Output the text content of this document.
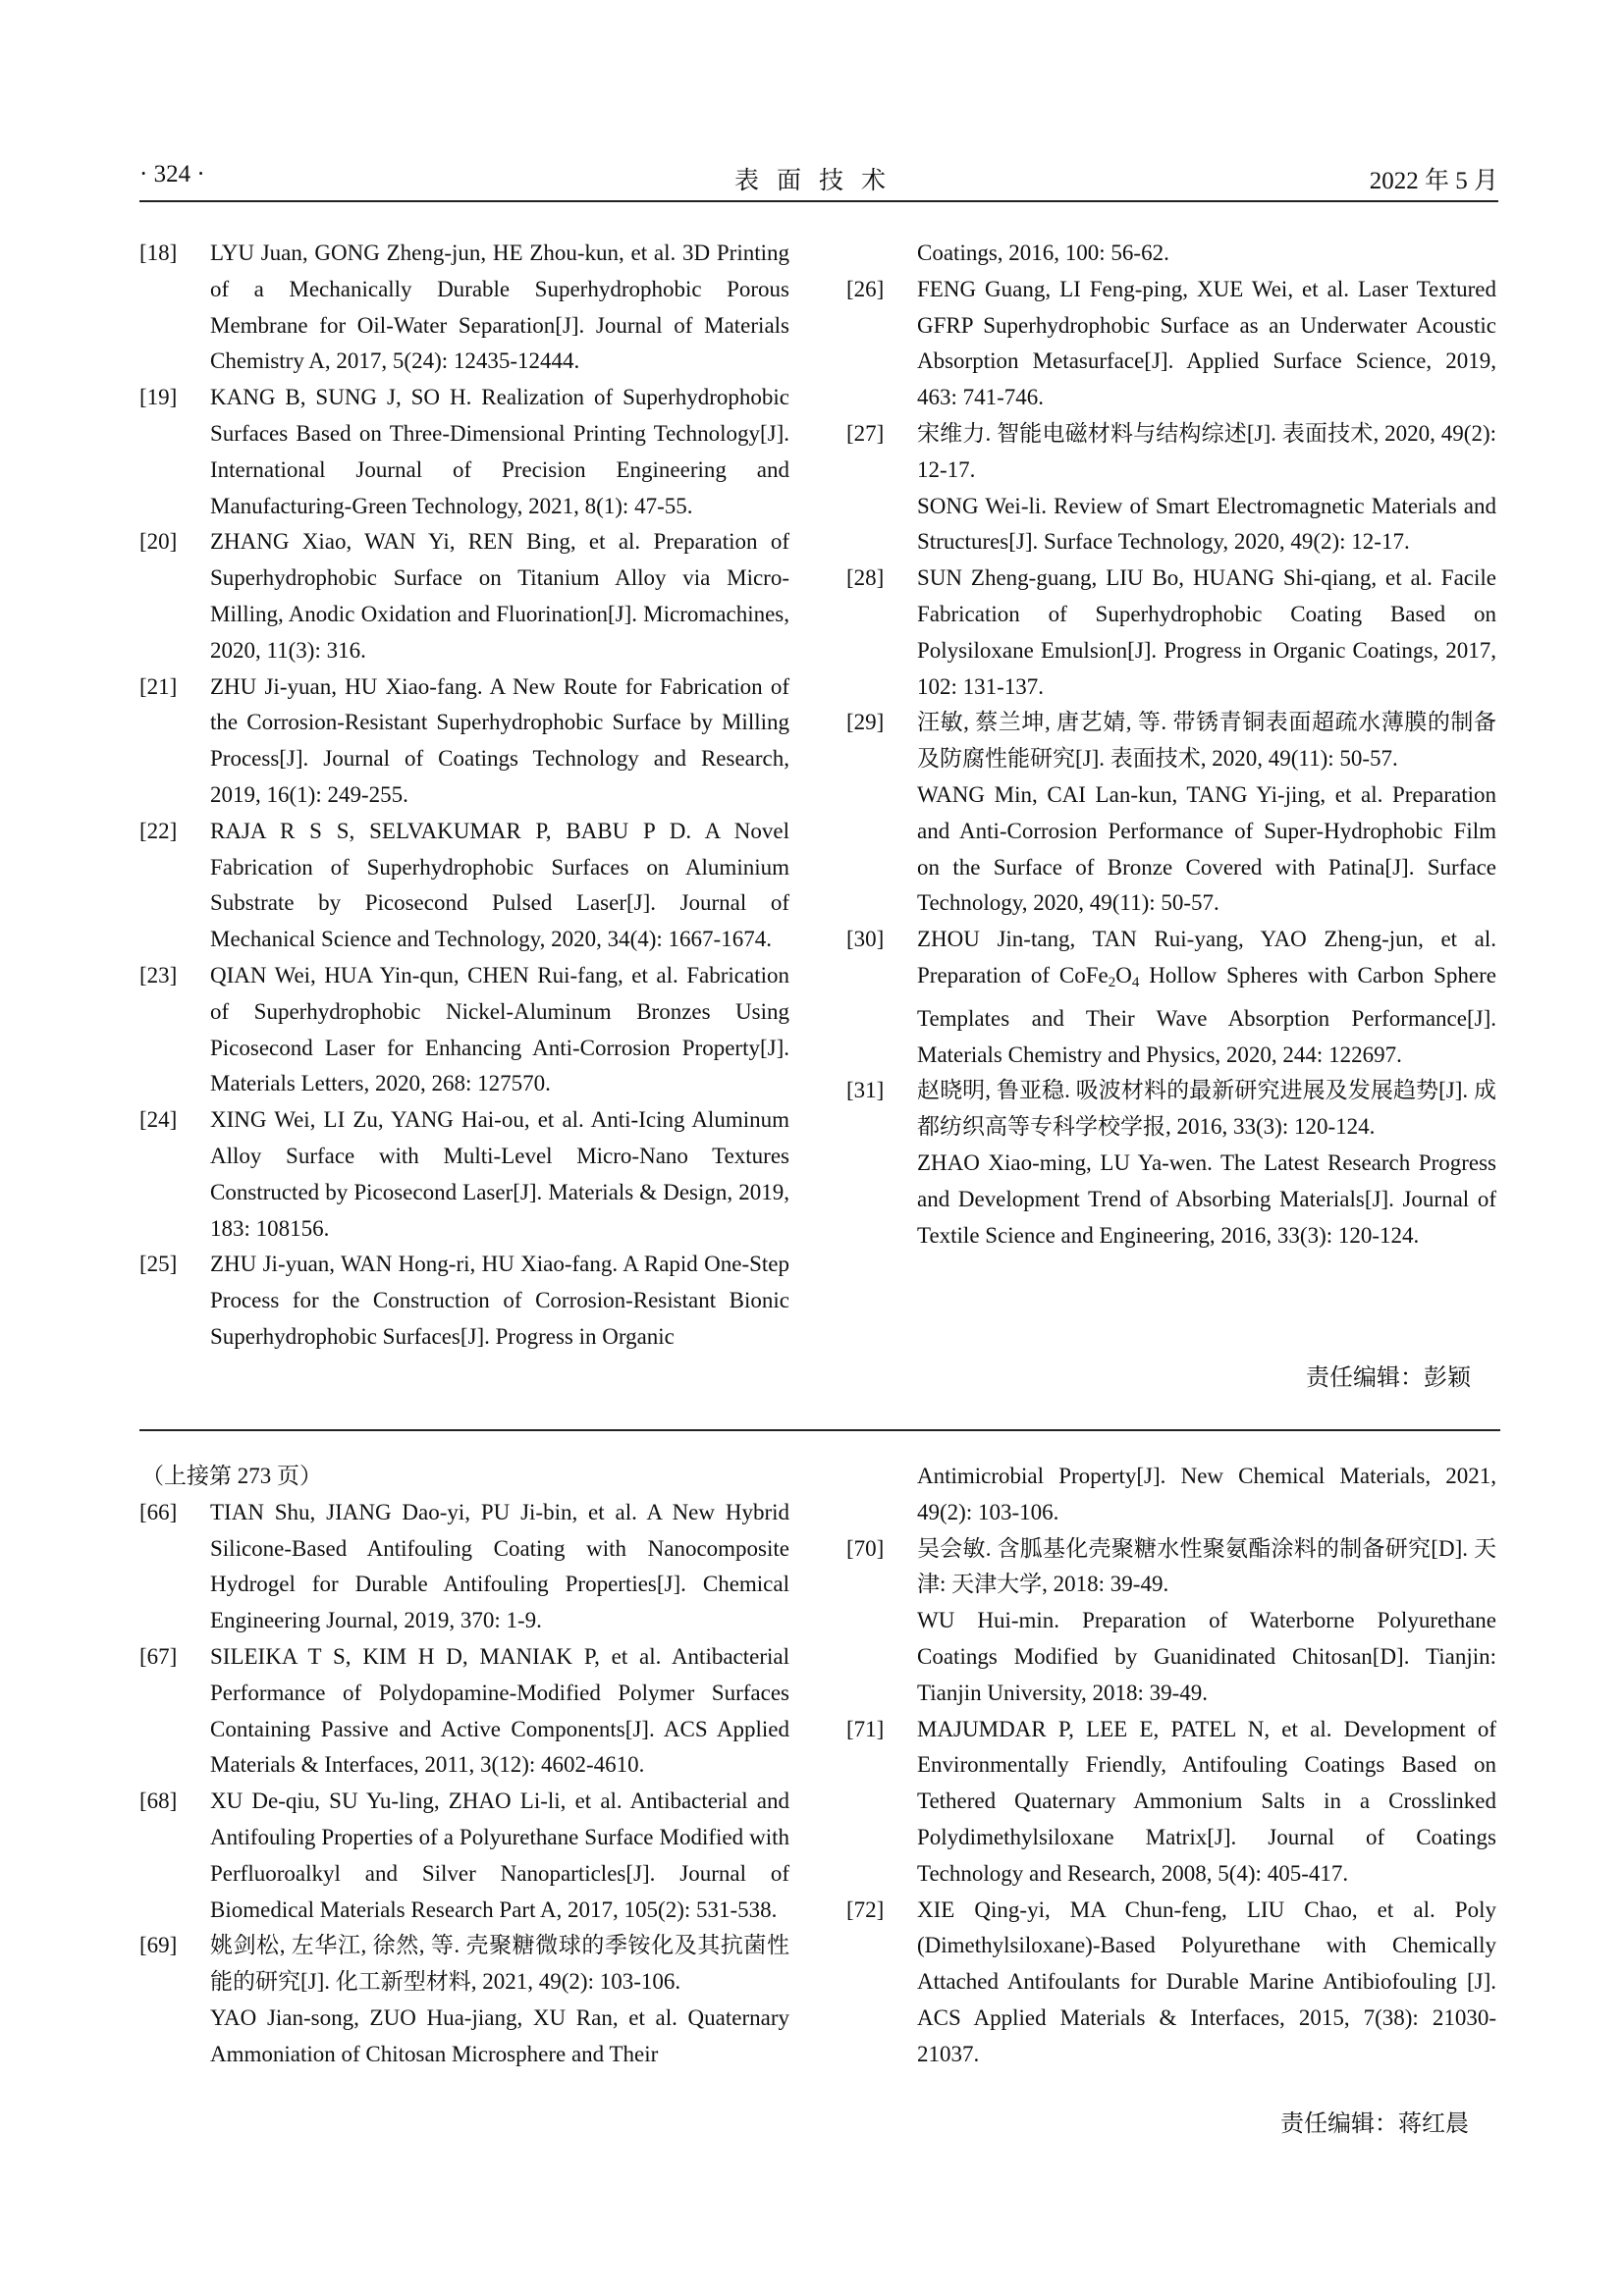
· 324 ·	表面技术	2022 年 5 月
[18] LYU Juan, GONG Zheng-jun, HE Zhou-kun, et al. 3D Printing of a Mechanically Durable Superhydrophobic Porous Membrane for Oil-Water Separation[J]. Journal of Materials Chemistry A, 2017, 5(24): 12435-12444.
[19] KANG B, SUNG J, SO H. Realization of Superhydrophobic Surfaces Based on Three-Dimensional Printing Technology[J]. International Journal of Precision Engineering and Manufacturing-Green Technology, 2021, 8(1): 47-55.
[20] ZHANG Xiao, WAN Yi, REN Bing, et al. Preparation of Superhydrophobic Surface on Titanium Alloy via Micro-Milling, Anodic Oxidation and Fluorination[J]. Micromachines, 2020, 11(3): 316.
[21] ZHU Ji-yuan, HU Xiao-fang. A New Route for Fabrication of the Corrosion-Resistant Superhydrophobic Surface by Milling Process[J]. Journal of Coatings Technology and Research, 2019, 16(1): 249-255.
[22] RAJA R S S, SELVAKUMAR P, BABU P D. A Novel Fabrication of Superhydrophobic Surfaces on Aluminium Substrate by Picosecond Pulsed Laser[J]. Journal of Mechanical Science and Technology, 2020, 34(4): 1667-1674.
[23] QIAN Wei, HUA Yin-qun, CHEN Rui-fang, et al. Fabrication of Superhydrophobic Nickel-Aluminum Bronzes Using Picosecond Laser for Enhancing Anti-Corrosion Property[J]. Materials Letters, 2020, 268: 127570.
[24] XING Wei, LI Zu, YANG Hai-ou, et al. Anti-Icing Aluminum Alloy Surface with Multi-Level Micro-Nano Textures Constructed by Picosecond Laser[J]. Materials & Design, 2019, 183: 108156.
[25] ZHU Ji-yuan, WAN Hong-ri, HU Xiao-fang. A Rapid One-Step Process for the Construction of Corrosion-Resistant Bionic Superhydrophobic Surfaces[J]. Progress in Organic
Coatings, 2016, 100: 56-62.
[26] FENG Guang, LI Feng-ping, XUE Wei, et al. Laser Textured GFRP Superhydrophobic Surface as an Underwater Acoustic Absorption Metasurface[J]. Applied Surface Science, 2019, 463: 741-746.
[27] 宋维力. 智能电磁材料与结构综述[J]. 表面技术, 2020, 49(2): 12-17.
SONG Wei-li. Review of Smart Electromagnetic Materials and Structures[J]. Surface Technology, 2020, 49(2): 12-17.
[28] SUN Zheng-guang, LIU Bo, HUANG Shi-qiang, et al. Facile Fabrication of Superhydrophobic Coating Based on Polysiloxane Emulsion[J]. Progress in Organic Coatings, 2017, 102: 131-137.
[29] 汪敏, 蔡兰坤, 唐艺婧, 等. 带锈青铜表面超疏水薄膜的制备及防腐性能研究[J]. 表面技术, 2020, 49(11): 50-57.
WANG Min, CAI Lan-kun, TANG Yi-jing, et al. Preparation and Anti-Corrosion Performance of Super-Hydrophobic Film on the Surface of Bronze Covered with Patina[J]. Surface Technology, 2020, 49(11): 50-57.
[30] ZHOU Jin-tang, TAN Rui-yang, YAO Zheng-jun, et al. Preparation of $CoFe_2O_4$ Hollow Spheres with Carbon Sphere Templates and Their Wave Absorption Performance[J]. Materials Chemistry and Physics, 2020, 244: 122697.
[31] 赵晓明, 鲁亚稳. 吸波材料的最新研究进展及发展趋势[J]. 成都纺织高等专科学校学报, 2016, 33(3): 120-124.
ZHAO Xiao-ming, LU Ya-wen. The Latest Research Progress and Development Trend of Absorbing Materials[J]. Journal of Textile Science and Engineering, 2016, 33(3): 120-124.
责任编辑：彭颖
（上接第 273 页）
[66] TIAN Shu, JIANG Dao-yi, PU Ji-bin, et al. A New Hybrid Silicone-Based Antifouling Coating with Nanocomposite Hydrogel for Durable Antifouling Properties[J]. Chemical Engineering Journal, 2019, 370: 1-9.
[67] SILEIKA T S, KIM H D, MANIAK P, et al. Antibacterial Performance of Polydopamine-Modified Polymer Surfaces Containing Passive and Active Components[J]. ACS Applied Materials & Interfaces, 2011, 3(12): 4602-4610.
[68] XU De-qiu, SU Yu-ling, ZHAO Li-li, et al. Antibacterial and Antifouling Properties of a Polyurethane Surface Modified with Perfluoroalkyl and Silver Nanoparticles[J]. Journal of Biomedical Materials Research Part A, 2017, 105(2): 531-538.
[69] 姚剑松, 左华江, 徐然, 等. 壳聚糖微球的季铵化及其抗菌性能的研究[J]. 化工新型材料, 2021, 49(2): 103-106.
YAO Jian-song, ZUO Hua-jiang, XU Ran, et al. Quaternary Ammoniation of Chitosan Microsphere and Their
Antimicrobial Property[J]. New Chemical Materials, 2021, 49(2): 103-106.
[70] 吴会敏. 含胍基化壳聚糖水性聚氨酯涂料的制备研究[D]. 天津: 天津大学, 2018: 39-49.
WU Hui-min. Preparation of Waterborne Polyurethane Coatings Modified by Guanidinated Chitosan[D]. Tianjin: Tianjin University, 2018: 39-49.
[71] MAJUMDAR P, LEE E, PATEL N, et al. Development of Environmentally Friendly, Antifouling Coatings Based on Tethered Quaternary Ammonium Salts in a Crosslinked Polydimethylsiloxane Matrix[J]. Journal of Coatings Technology and Research, 2008, 5(4): 405-417.
[72] XIE Qing-yi, MA Chun-feng, LIU Chao, et al. Poly (Dimethylsiloxane)-Based Polyurethane with Chemically Attached Antifoulants for Durable Marine Antibiofouling [J]. ACS Applied Materials & Interfaces, 2015, 7(38): 21030-21037.
责任编辑：蒋红晨
